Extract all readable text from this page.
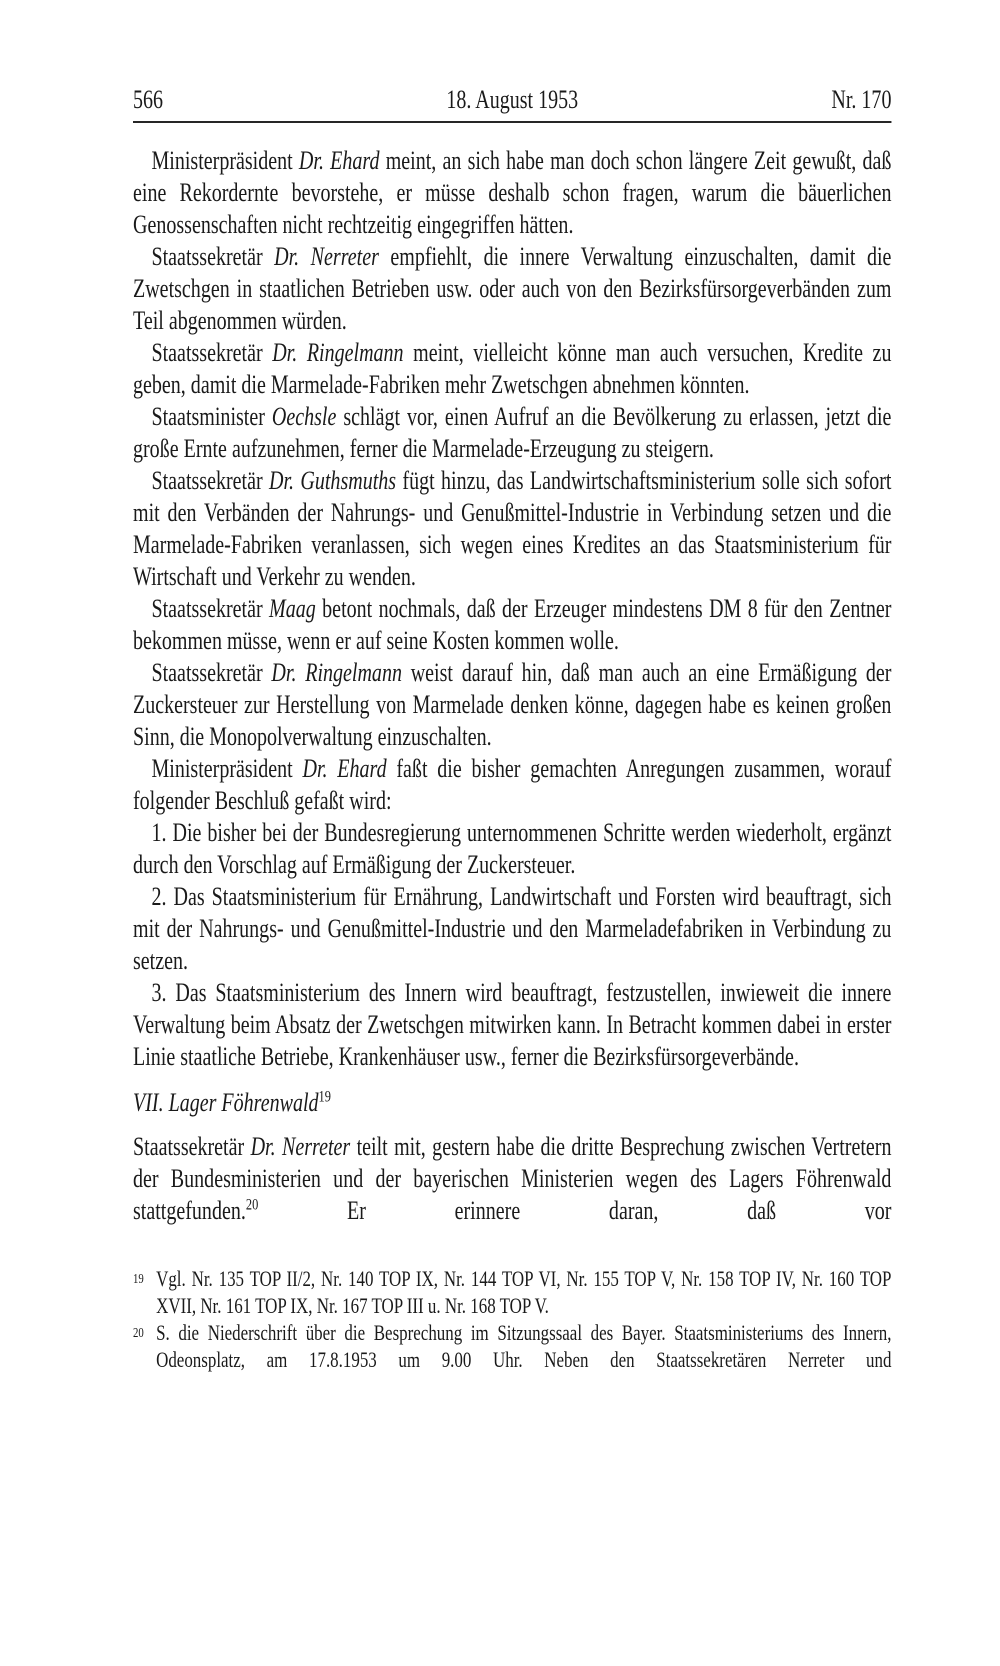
566	18. August 1953	Nr. 170

Ministerpräsident Dr. Ehard meint, an sich habe man doch schon längere Zeit gewußt, daß eine Rekordernte bevorstehe, er müsse deshalb schon fragen, warum die bäuerlichen Genossenschaften nicht rechtzeitig eingegriffen hätten.

Staatssekretär Dr. Nerreter empfiehlt, die innere Verwaltung einzuschalten, damit die Zwetschgen in staatlichen Betrieben usw. oder auch von den Bezirksfürsorgeverbänden zum Teil abgenommen würden.

Staatssekretär Dr. Ringelmann meint, vielleicht könne man auch versuchen, Kredite zu geben, damit die Marmelade-Fabriken mehr Zwetschgen abnehmen könnten.

Staatsminister Oechsle schlägt vor, einen Aufruf an die Bevölkerung zu erlassen, jetzt die große Ernte aufzunehmen, ferner die Marmelade-Erzeugung zu steigern.

Staatssekretär Dr. Guthsmuths fügt hinzu, das Landwirtschaftsministerium solle sich sofort mit den Verbänden der Nahrungs- und Genußmittel-Industrie in Verbindung setzen und die Marmelade-Fabriken veranlassen, sich wegen eines Kredites an das Staatsministerium für Wirtschaft und Verkehr zu wenden.

Staatssekretär Maag betont nochmals, daß der Erzeuger mindestens DM 8 für den Zentner bekommen müsse, wenn er auf seine Kosten kommen wolle.

Staatssekretär Dr. Ringelmann weist darauf hin, daß man auch an eine Ermäßigung der Zuckersteuer zur Herstellung von Marmelade denken könne, dagegen habe es keinen großen Sinn, die Monopolverwaltung einzuschalten.

Ministerpräsident Dr. Ehard faßt die bisher gemachten Anregungen zusammen, worauf folgender Beschluß gefaßt wird:

1. Die bisher bei der Bundesregierung unternommenen Schritte werden wiederholt, ergänzt durch den Vorschlag auf Ermäßigung der Zuckersteuer.

2. Das Staatsministerium für Ernährung, Landwirtschaft und Forsten wird beauftragt, sich mit der Nahrungs- und Genußmittel-Industrie und den Marmeladefabriken in Verbindung zu setzen.

3. Das Staatsministerium des Innern wird beauftragt, festzustellen, inwieweit die innere Verwaltung beim Absatz der Zwetschgen mitwirken kann. In Betracht kommen dabei in erster Linie staatliche Betriebe, Krankenhäuser usw., ferner die Bezirksfürsorgeverbände.

VII. Lager Föhrenwald$^{19}$

Staatssekretär Dr. Nerreter teilt mit, gestern habe die dritte Besprechung zwischen Vertretern der Bundesministerien und der bayerischen Ministerien wegen des Lagers Föhrenwald stattgefunden.$^{20}$ Er erinnere daran, daß vor

19 Vgl. Nr. 135 TOP II/2, Nr. 140 TOP IX, Nr. 144 TOP VI, Nr. 155 TOP V, Nr. 158 TOP IV, Nr. 160 TOP XVII, Nr. 161 TOP IX, Nr. 167 TOP III u. Nr. 168 TOP V.

20 S. die Niederschrift über die Besprechung im Sitzungssaal des Bayer. Staatsministeriums des Innern, Odeonsplatz, am 17.8.1953 um 9.00 Uhr. Neben den Staatssekretären Nerreter und
